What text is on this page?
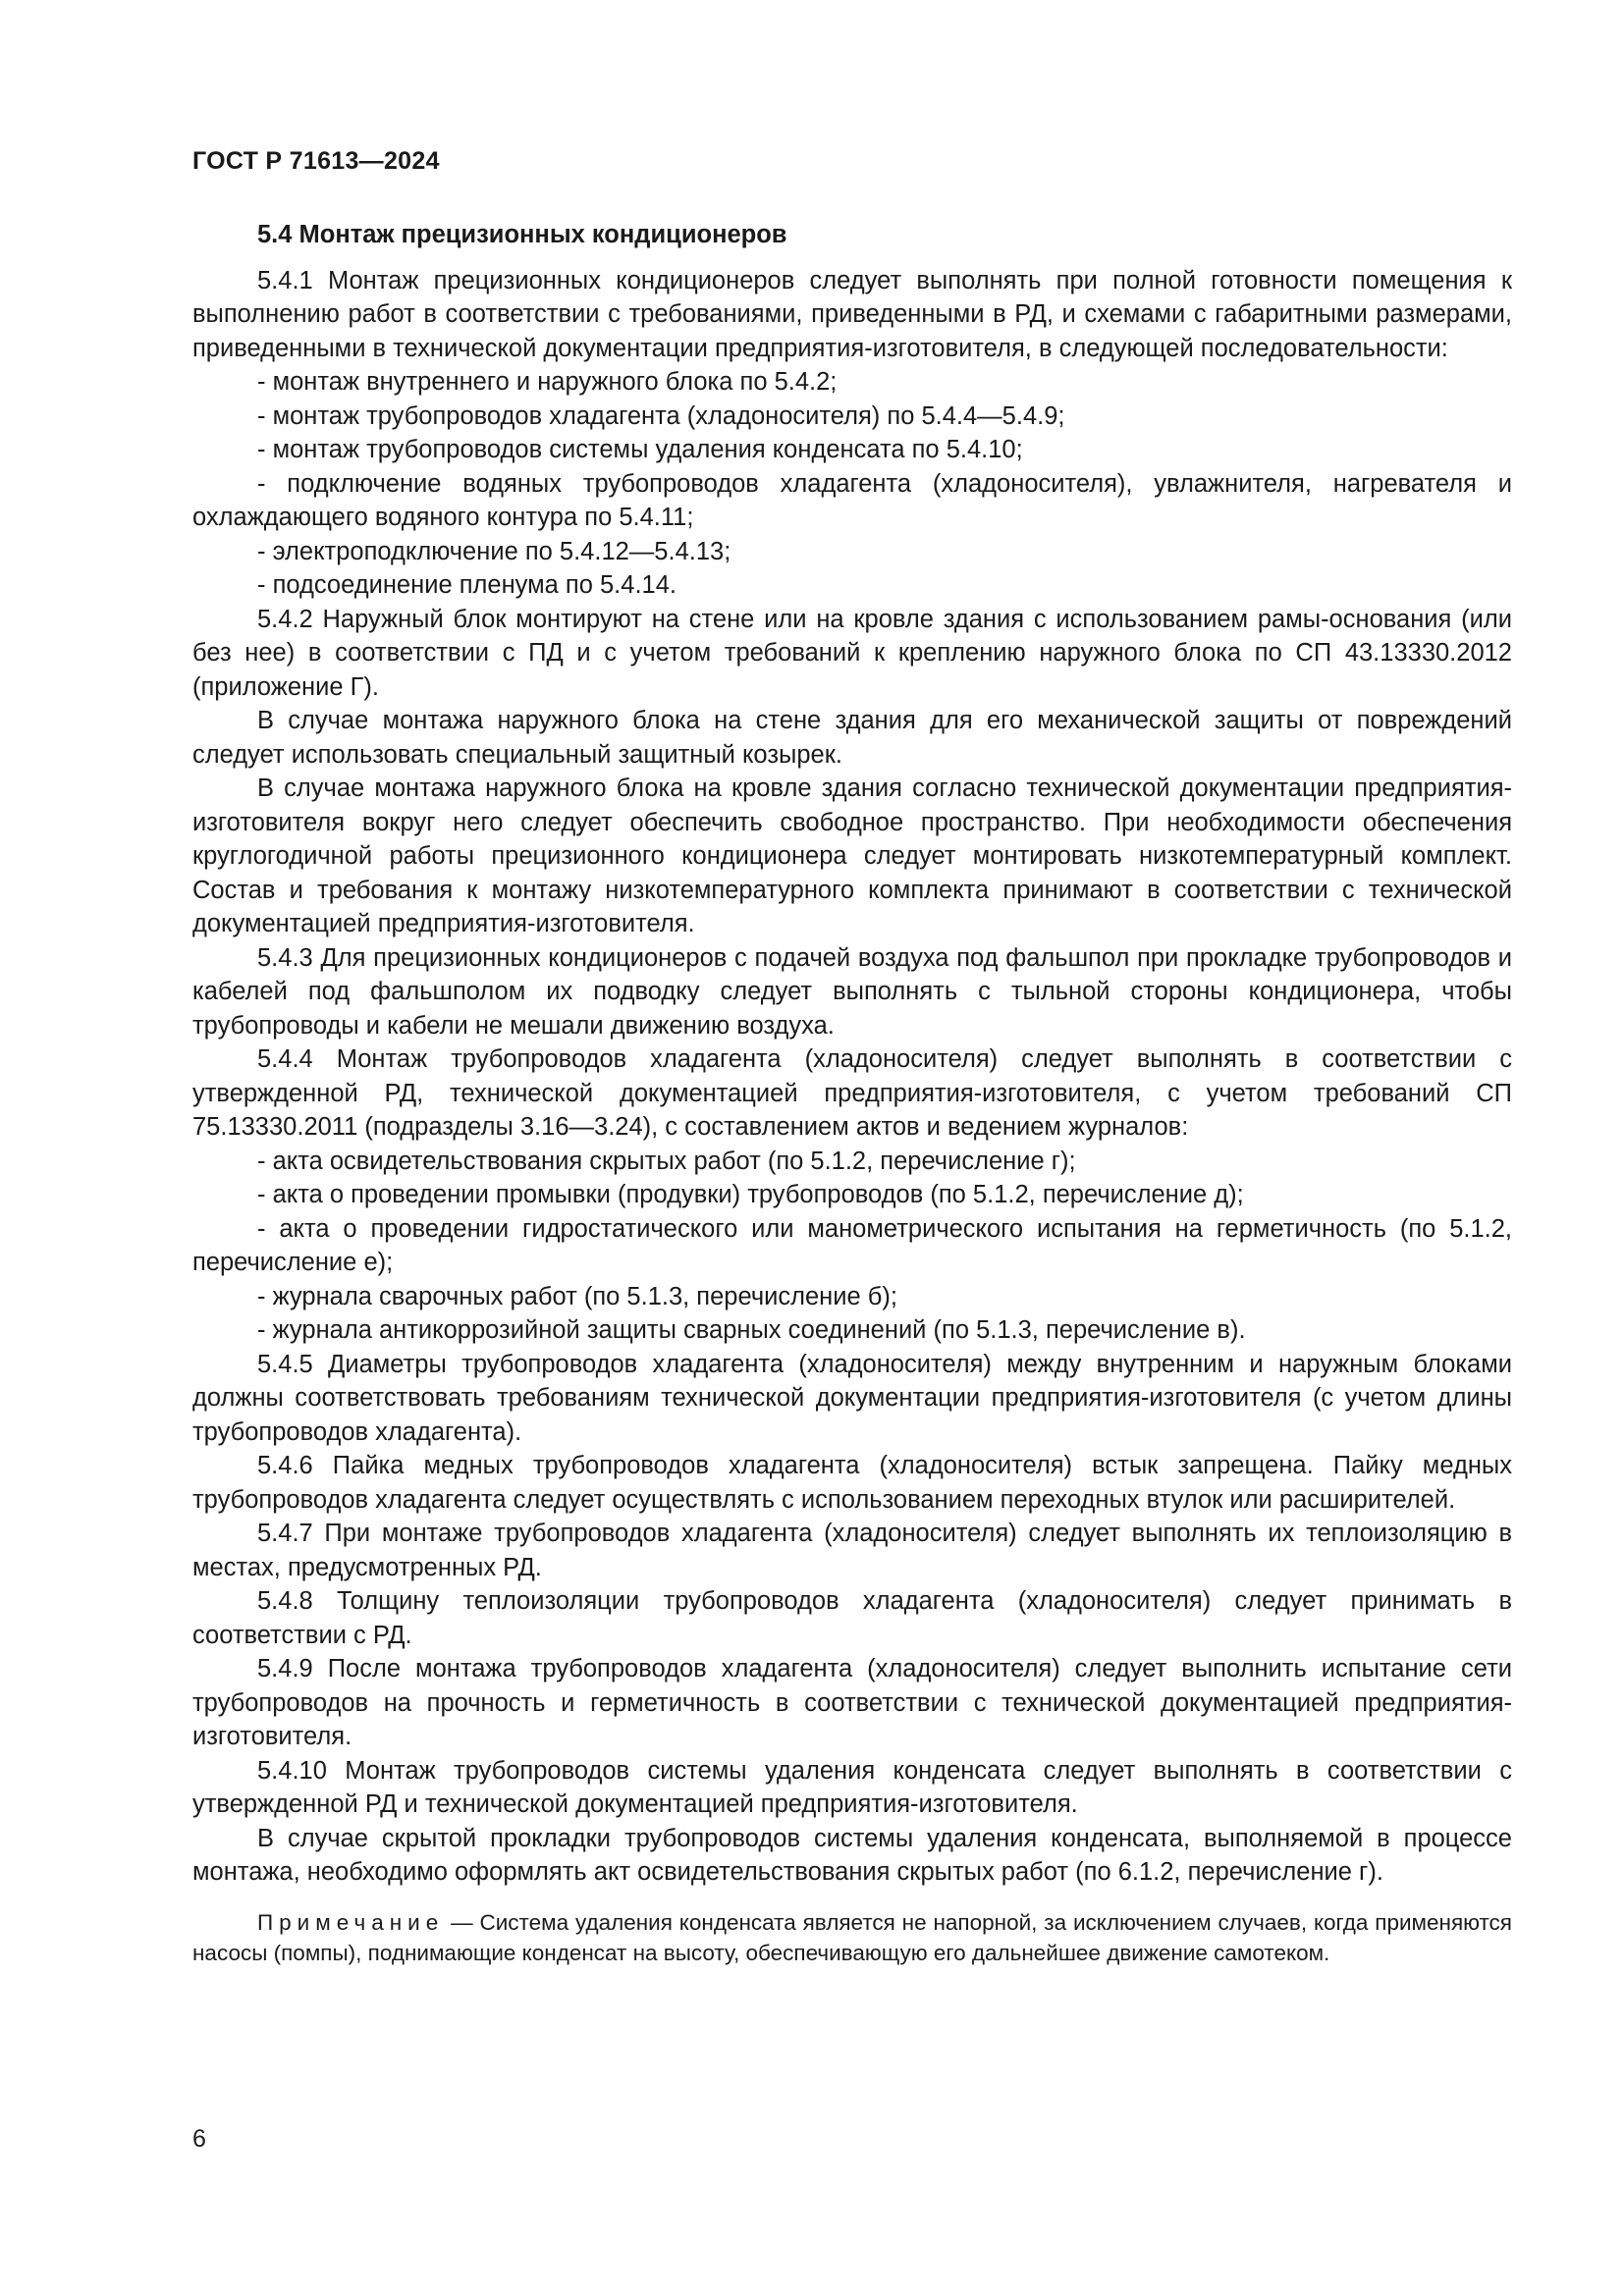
ГОСТ Р 71613—2024
5.4 Монтаж прецизионных кондиционеров

5.4.1 Монтаж прецизионных кондиционеров следует выполнять при полной готовности помещения к выполнению работ в соответствии с требованиями, приведенными в РД, и схемами с габаритными размерами, приведенными в технической документации предприятия-изготовителя, в следующей последовательности:

- монтаж внутреннего и наружного блока по 5.4.2;

- монтаж трубопроводов хладагента (хладоносителя) по 5.4.4—5.4.9;

- монтаж трубопроводов системы удаления конденсата по 5.4.10;

- подключение водяных трубопроводов хладагента (хладоносителя), увлажнителя, нагревателя и охлаждающего водяного контура по 5.4.11;

- электроподключение по 5.4.12—5.4.13;

- подсоединение пленума по 5.4.14.

5.4.2 Наружный блок монтируют на стене или на кровле здания с использованием рамы-основания (или без нее) в соответствии с ПД и с учетом требований к креплению наружного блока по СП 43.13330.2012 (приложение Г).

В случае монтажа наружного блока на стене здания для его механической защиты от повреждений следует использовать специальный защитный козырек.

В случае монтажа наружного блока на кровле здания согласно технической документации предприятия-изготовителя вокруг него следует обеспечить свободное пространство. При необходимости обеспечения круглогодичной работы прецизионного кондиционера следует монтировать низкотемпературный комплект. Состав и требования к монтажу низкотемпературного комплекта принимают в соответствии с технической документацией предприятия-изготовителя.

5.4.3 Для прецизионных кондиционеров с подачей воздуха под фальшпол при прокладке трубопроводов и кабелей под фальшполом их подводку следует выполнять с тыльной стороны кондиционера, чтобы трубопроводы и кабели не мешали движению воздуха.

5.4.4 Монтаж трубопроводов хладагента (хладоносителя) следует выполнять в соответствии с утвержденной РД, технической документацией предприятия-изготовителя, с учетом требований СП 75.13330.2011 (подразделы 3.16—3.24), с составлением актов и ведением журналов:

- акта освидетельствования скрытых работ (по 5.1.2, перечисление г);

- акта о проведении промывки (продувки) трубопроводов (по 5.1.2, перечисление д);

- акта о проведении гидростатического или манометрического испытания на герметичность (по 5.1.2, перечисление е);

- журнала сварочных работ (по 5.1.3, перечисление б);

- журнала антикоррозийной защиты сварных соединений (по 5.1.3, перечисление в).

5.4.5 Диаметры трубопроводов хладагента (хладоносителя) между внутренним и наружным блоками должны соответствовать требованиям технической документации предприятия-изготовителя (с учетом длины трубопроводов хладагента).

5.4.6 Пайка медных трубопроводов хладагента (хладоносителя) встык запрещена. Пайку медных трубопроводов хладагента следует осуществлять с использованием переходных втулок или расширителей.

5.4.7 При монтаже трубопроводов хладагента (хладоносителя) следует выполнять их теплоизоляцию в местах, предусмотренных РД.

5.4.8 Толщину теплоизоляции трубопроводов хладагента (хладоносителя) следует принимать в соответствии с РД.

5.4.9 После монтажа трубопроводов хладагента (хладоносителя) следует выполнить испытание сети трубопроводов на прочность и герметичность в соответствии с технической документацией предприятия-изготовителя.

5.4.10 Монтаж трубопроводов системы удаления конденсата следует выполнять в соответствии с утвержденной РД и технической документацией предприятия-изготовителя.

В случае скрытой прокладки трубопроводов системы удаления конденсата, выполняемой в процессе монтажа, необходимо оформлять акт освидетельствования скрытых работ (по 6.1.2, перечисление г).

Примечание — Система удаления конденсата является не напорной, за исключением случаев, когда применяются насосы (помпы), поднимающие конденсат на высоту, обеспечивающую его дальнейшее движение самотеком.

6
